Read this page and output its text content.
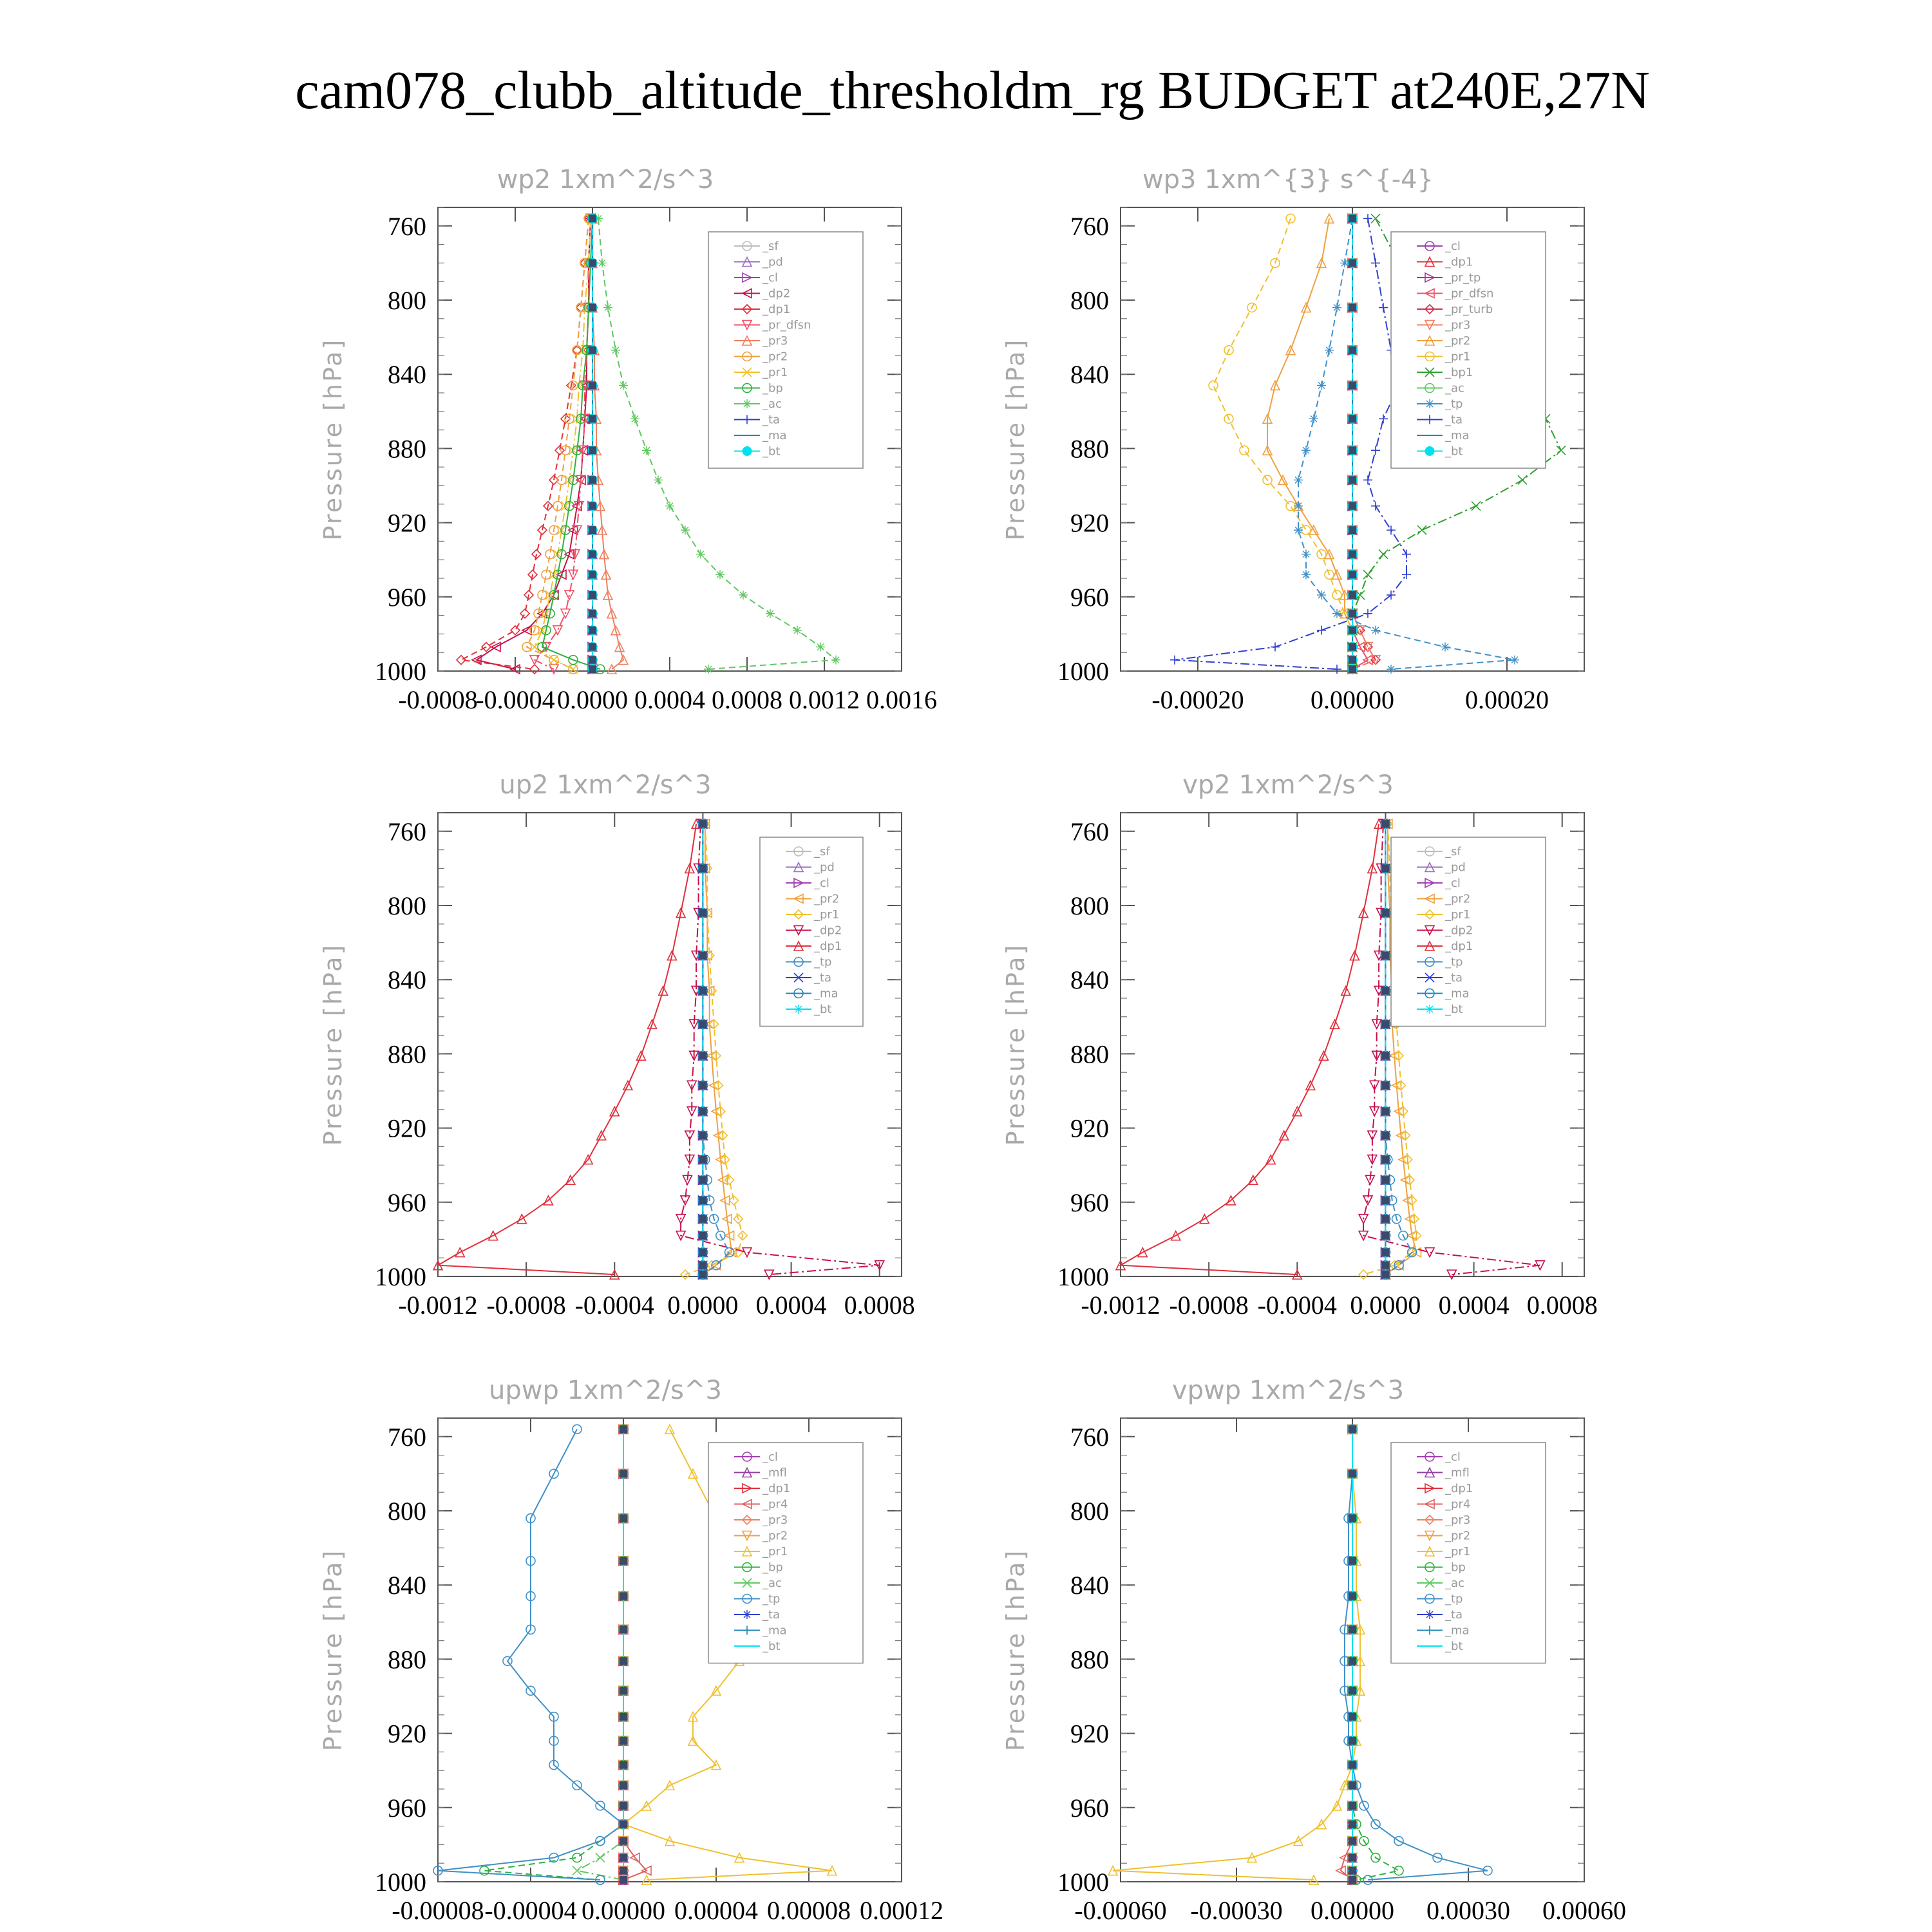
cam078_clubb_altitude_thresholdm_rg BUDGET at240E,27N
wp2 1xm^2/s^3
Pressure [hPa]
760
800
840
880
920
960
1000
-0.0008
-0.0004 0.0000 0.0004 0.0008 0.0012 0.0016
_sf
_pd
_cl
_dp2
_dp1
_pr_dfsn
_pr3
_pr2
_pr1
_bp
_ac
_ta
_ma
_bt
wp3 1xm^{3} s^{-4}
Pressure [hPa]
760
800
840
880
920
960
1000
-0.00020	0.00000	0.00020
_cl
_dp1
_pr_tp
_pr_dfsn
_pr_turb
_pr3
_pr2
_pr1
_bp1
_ac
_tp
_ta
_ma
_bt
up2 1xm^2/s^3
Pressure [hPa]
760
800
840
880
920
960
1000
-0.0012 -0.0008 -0.0004 0.0000 0.0004 0.0008
_sf
_pd
_cl
_pr2
_pr1
_dp2
_dp1
_tp
_ta
_ma
_bt
vp2 1xm^2/s^3
Pressure [hPa]
760
800
840
880
920
960
1000
-0.0012 -0.0008 -0.0004 0.0000 0.0004 0.0008
_sf
_pd
_cl
_pr2
_pr1
_dp2
_dp1
_tp
_ta
_ma
_bt
upwp 1xm^2/s^3
Pressure [hPa]
760
800
840
880
920
960
1000
-0.00008 -0.00004 0.00000 0.00004 0.00008 0.00012
_cl
_mfl
_dp1
_pr4
_pr3
_pr2
_pr1
_bp
_ac
_tp
_ta
_ma
_bt
vpwp 1xm^2/s^3
Pressure [hPa]
760
800
840
880
920
960
1000
-0.00060 -0.00030 0.00000 0.00030 0.00060
_cl
_mfl
_dp1
_pr4
_pr3
_pr2
_pr1
_bp
_ac
_tp
_ta
_ma
_bt
